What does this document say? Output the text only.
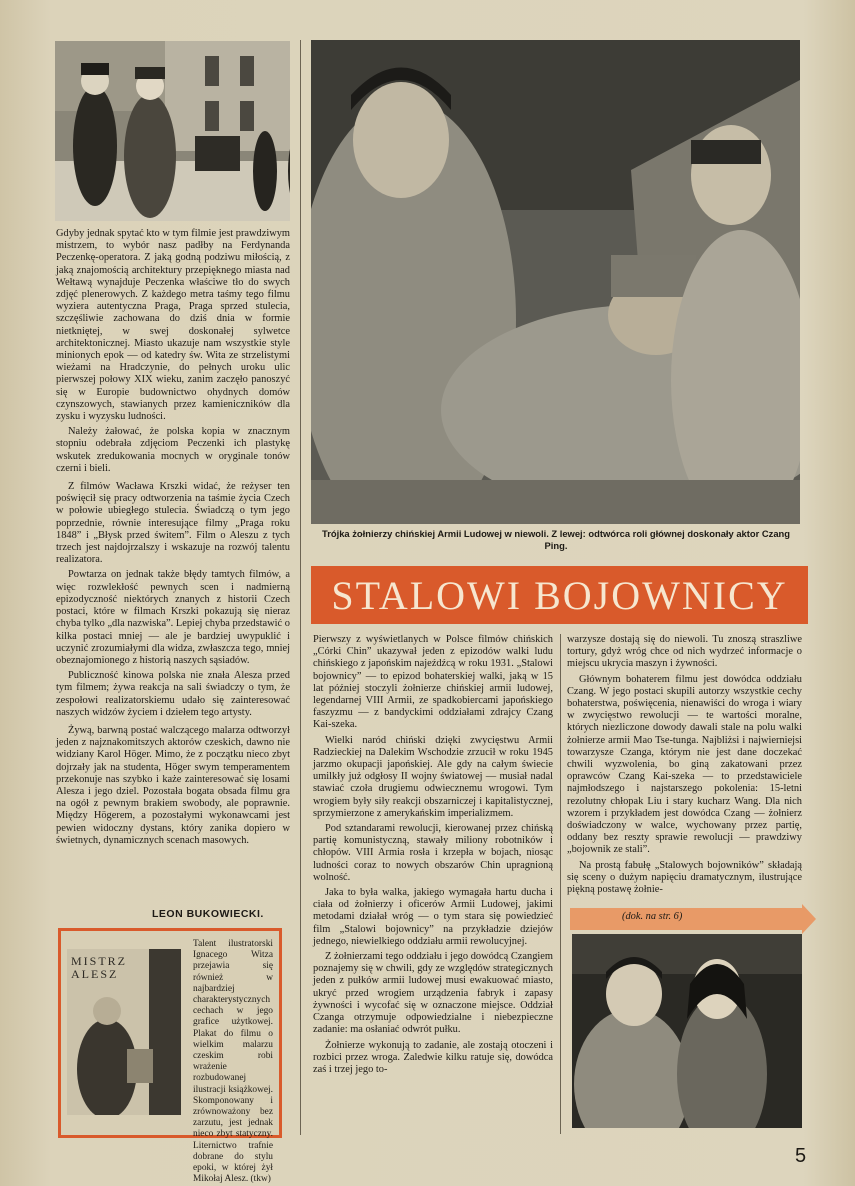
Gdyby jednak spytać kto w tym filmie jest prawdziwym mistrzem, to wybór nasz padłby na Ferdynanda Peczenkę-operatora. Z jaką godną podziwu miłością, z jaką znajomością architektury przepięknego miasta nad Wełtawą wynajduje Peczenka właściwe tło do swych zdjęć plenerowych. Z każdego metra taśmy tego filmu wyziera autentyczna Praga, Praga sprzed stulecia, szczęśliwie zachowana do dziś dnia w formie nietkniętej, w swej doskonałej sylwetce architektonicznej. Miasto ukazuje nam wszystkie style minionych epok — od katedry św. Wita ze strzelistymi wieżami na Hradczynie, do pełnych uroku ulic pierwszej połowy XIX wieku, zanim zaczęło panoszyć się w Europie budownictwo ohydnych domów czynszowych, stawianych przez kamieniczników dla zysku i wyzysku ludności.

Należy żałować, że polska kopia w znacznym stopniu odebrała zdjęciom Peczenki ich plastykę wskutek zredukowania mocnych w oryginale tonów czerni i bieli.

Z filmów Wacława Krszki widać, że reżyser ten poświęcił się pracy odtworzenia na taśmie życia Czech w połowie ubiegłego stulecia. Świadczą o tym jego poprzednie, równie interesujące filmy „Praga roku 1848” i „Błysk przed świtem”. Film o Aleszu z tych trzech jest najdojrzalszy i wskazuje na rozwój talentu realizatora.

Powtarza on jednak także błędy tamtych filmów, a więc rozwlekłość pewnych scen i nadmierną epizodyczność niektórych znanych z historii Czech postaci, które w filmach Krszki pokazują się nieraz chyba tylko „dla nazwiska”. Lepiej chyba przedstawić o kilka postaci mniej — ale je bardziej uwypuklić i uczynić zrozumiałymi dla widza, zwłaszcza tego, mniej obeznajomionego z historią naszych sąsiadów.

Publiczność kinowa polska nie znała Alesza przed tym filmem; żywa reakcja na sali świadczy o tym, że zespołowi realizatorskiemu udało się zainteresować naszych widzów życiem i dziełem tego artysty.

Żywą, barwną postać walczącego malarza odtworzył jeden z najznakomitszych aktorów czeskich, dawno nie widziany Karol Höger. Mimo, że z początku nieco zbyt dojrzały jak na studenta, Höger swym temperamentem przekonuje nas szybko i każe zainteresować się losami Alesza i jego dziel. Pozostała bogata obsada filmu gra na ogół z pewnym brakiem swobody, ale poprawnie. Między Högerem, a pozostałymi wykonawcami jest pewien widoczny dystans, który zanika dopiero w świetnych, dynamicznych scenach masowych.

LEON BUKOWIECKI.
MISTRZ ALESZ
Talent ilustratorski Ignacego Witza przejawia się również w najbardziej charakterystycznych cechach w jego grafice użytkowej. Plakat do filmu o wielkim malarzu czeskim robi wrażenie rozbudowanej ilustracji książkowej. Skomponowany i zrównoważony bez zarzutu, jest jednak nieco zbyt statyczny. Liternictwo trafnie dobrane do stylu epoki, w której żył Mikołaj Alesz. (tkw)
Trójka żołnierzy chińskiej Armii Ludowej w niewoli. Z lewej: odtwórca roli głównej doskonały aktor Czang Ping.
STALOWI BOJOWNICY

Pierwszy z wyświetlanych w Polsce filmów chińskich „Córki Chin” ukazywał jeden z epizodów walki ludu chińskiego z japońskim najeźdźcą w roku 1931. „Stalowi bojownicy” — to epizod bohaterskiej walki, jaką w 15 lat później stoczyli żołnierze chińskiej armii ludowej, legendarnej VIII Armii, ze spadkobiercami japońskiego faszyzmu — z bandyckimi oddziałami zdrajcy Czang Kai-szeka.

Wielki naród chiński dzięki zwycięstwu Armii Radzieckiej na Dalekim Wschodzie zrzucił w roku 1945 jarzmo okupacji japońskiej. Ale gdy na całym świecie umilkły już odgłosy II wojny światowej — musiał nadal stawiać czoła drugiemu odwiecznemu wrogowi. Tym wrogiem były siły reakcji obszarniczej i kapitalistycznej, sprzymierzone z amerykańskim imperializmem.

Pod sztandarami rewolucji, kierowanej przez chińską partię komunistyczną, stawały miliony robotników i chłopów. VIII Armia rosła i krzepła w bojach, niosąc ludności coraz to nowych obszarów Chin upragnioną wolność.

Jaka to była walka, jakiego wymagała hartu ducha i ciała od żołnierzy i oficerów Armii Ludowej, jakimi metodami działał wróg — o tym stara się powiedzieć film „Stalowi bojownicy” na przykładzie dziejów jednego, niewielkiego oddziału armii rewolucyjnej.

Z żołnierzami tego oddziału i jego dowódcą Czangiem poznajemy się w chwili, gdy ze względów strategicznych jeden z pułków armii ludowej musi ewakuować miasto, ukryć przed wrogiem urządzenia fabryk i zapasy żywności i wycofać się w oznaczone miejsce. Oddział Czanga otrzymuje odpowiedzialne i niebezpieczne zadanie: ma osłaniać odwrót pułku.

Żołnierze wykonują to zadanie, ale zostają otoczeni i rozbici przez wroga. Zaledwie kilku ratuje się, dowódca zaś i trzej jego to-

warzysze dostają się do niewoli. Tu znoszą straszliwe tortury, gdyż wróg chce od nich wydrzeć informacje o miejscu ukrycia maszyn i żywności.

Głównym bohaterem filmu jest dowódca oddziału Czang. W jego postaci skupili autorzy wszystkie cechy bohaterstwa, poświęcenia, nienawiści do wroga i wiary w zwycięstwo rewolucji — te wartości moralne, których niezliczone dowody dawali stale na polu walki żołnierze armii Mao Tse-tunga. Najbliżsi i najwierniejsi towarzysze Czanga, którym nie jest dane doczekać chwili wyzwolenia, bo giną zakatowani przez oprawców Czang Kai-szeka — to przedstawiciele najmłodszego i najstarszego pokolenia: 15-letni rezolutny chłopak Liu i stary kucharz Wang. Dla nich wzorem i przykładem jest dowódca Czang — żołnierz doświadczony w walce, wychowany przez partię, oddany bez reszty sprawie rewolucji — prawdziwy „bojownik ze stali”.

Na prostą fabułę „Stalowych bojowników” składają się sceny o dużym napięciu dramatycznym, ilustrujące piękną postawę żołnie-

(dok. na str. 6)
5
